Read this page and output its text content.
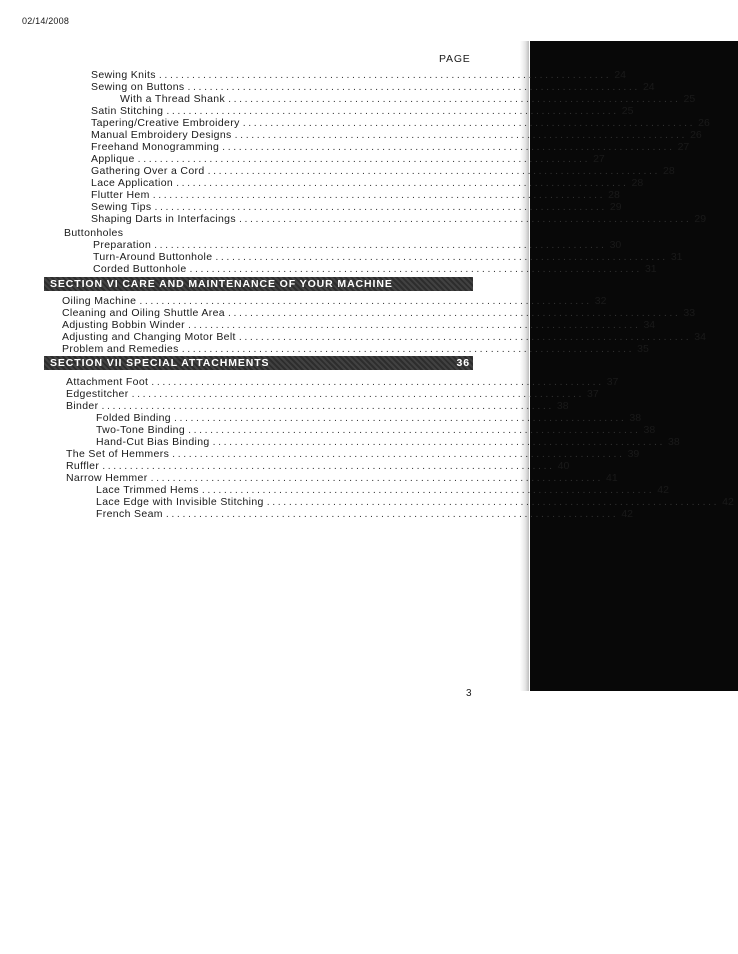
02/14/2008
PAGE
Sewing Knits .................................................................................. 24
Sewing on Buttons .................................................................................. 24
With a Thread Shank .................................................................................. 25
Satin Stitching .................................................................................. 25
Tapering/Creative Embroidery .................................................................................. 26
Manual Embroidery Designs .................................................................................. 26
Freehand Monogramming .................................................................................. 27
Applique .................................................................................. 27
Gathering Over a Cord .................................................................................. 28
Lace Application .................................................................................. 28
Flutter Hem .................................................................................. 28
Sewing Tips .................................................................................. 29
Shaping Darts in Interfacings .................................................................................. 29
Buttonholes
Preparation .................................................................................. 30
Turn-Around Buttonhole .................................................................................. 31
Corded Buttonhole .................................................................................. 31
SECTION VI CARE AND MAINTENANCE OF YOUR MACHINE
Oiling Machine .................................................................................. 32
Cleaning and Oiling Shuttle Area .................................................................................. 33
Adjusting Bobbin Winder .................................................................................. 34
Adjusting and Changing Motor Belt .................................................................................. 34
Problem and Remedies .................................................................................. 35
SECTION VII SPECIAL ATTACHMENTS	36
Attachment Foot .................................................................................. 37
Edgestitcher .................................................................................. 37
Binder .................................................................................. 38
Folded Binding .................................................................................. 38
Two-Tone Binding .................................................................................. 38
Hand-Cut Bias Binding .................................................................................. 38
The Set of Hemmers .................................................................................. 39
Ruffler .................................................................................. 40
Narrow Hemmer .................................................................................. 41
Lace Trimmed Hems .................................................................................. 42
Lace Edge with Invisible Stitching .................................................................................. 42
French Seam .................................................................................. 42
3
